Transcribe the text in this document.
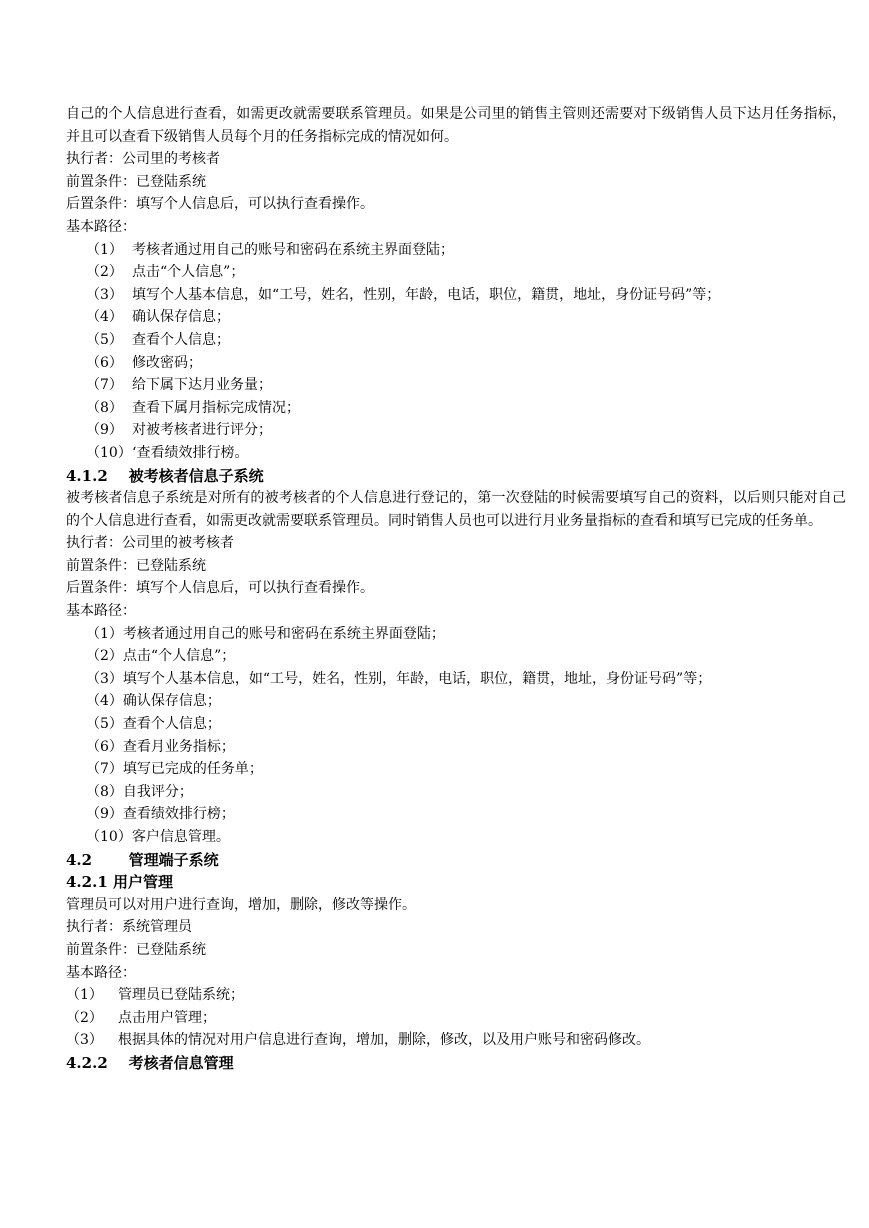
自己的个人信息进行查看，如需更改就需要联系管理员。如果是公司里的销售主管则还需要对下级销售人员下达月任务指标，并且可以查看下级销售人员每个月的任务指标完成的情况如何。
执行者：公司里的考核者
前置条件：已登陆系统
后置条件：填写个人信息后，可以执行查看操作。
基本路径：
（1） 考核者通过用自己的账号和密码在系统主界面登陆；
（2） 点击“个人信息”；
（3） 填写个人基本信息，如“工号，姓名，性别，年龄，电话，职位，籍贯，地址，身份证号码”等；
（4） 确认保存信息；
（5） 查看个人信息；
（6） 修改密码；
（7） 给下属下达月业务量；
（8） 查看下属月指标完成情况；
（9） 对被考核者进行评分；
（10）‘查看绩效排行榜。
4.1.2 被考核者信息子系统
被考核者信息子系统是对所有的被考核者的个人信息进行登记的，第一次登陆的时候需要填写自己的资料，以后则只能对自己的个人信息进行查看，如需更改就需要联系管理员。同时销售人员也可以进行月业务量指标的查看和填写已完成的任务单。
执行者：公司里的被考核者
前置条件：已登陆系统
后置条件：填写个人信息后，可以执行查看操作。
基本路径：
（1）考核者通过用自己的账号和密码在系统主界面登陆；
（2）点击“个人信息”；
（3）填写个人基本信息，如“工号，姓名，性别，年龄，电话，职位，籍贯，地址，身份证号码”等；
（4）确认保存信息；
（5）查看个人信息；
（6）查看月业务指标；
（7）填写已完成的任务单；
（8）自我评分；
（9）查看绩效排行榜；
（10）客户信息管理。
4.2 管理端子系统
4.2.1 用户管理
管理员可以对用户进行查询，增加，删除，修改等操作。
执行者：系统管理员
前置条件：已登陆系统
基本路径：
（1） 管理员已登陆系统；
（2） 点击用户管理；
（3） 根据具体的情况对用户信息进行查询，增加，删除，修改，以及用户账号和密码修改。
4.2.2 考核者信息管理
